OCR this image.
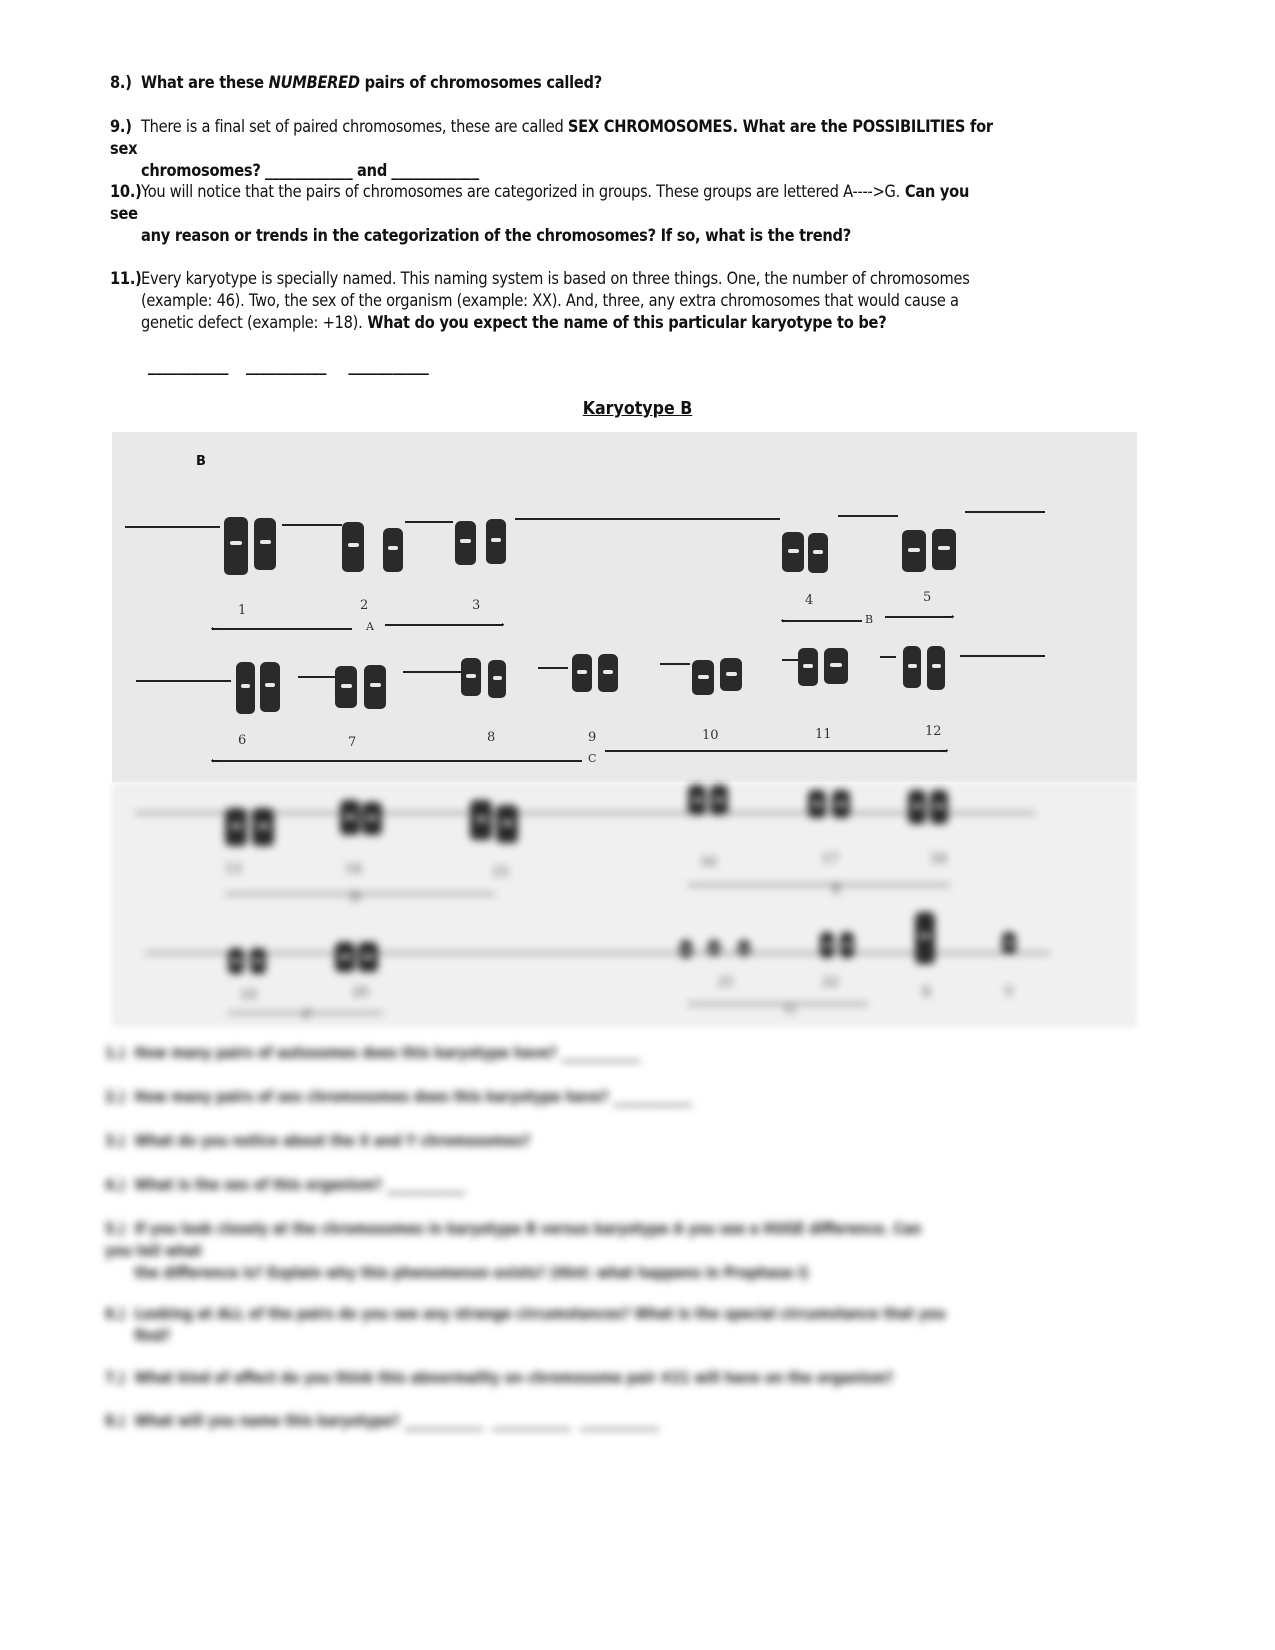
8.) What are these NUMBERED pairs of chromosomes called?
9.) There is a final set of paired chromosomes, these are called SEX CHROMOSOMES. What are the POSSIBILITIES for sex
chromosomes? ____________ and ____________
10.)You will notice that the pairs of chromosomes are categorized in groups. These groups are lettered A---->G. Can you see
any reason or trends in the categorization of the chromosomes? If so, what is the trend?
11.)Every karyotype is specially named. This naming system is based on three things. One, the number of chromosomes
(example: 46). Two, the sex of the organism (example: XX). And, three, any extra chromosomes that would cause a
genetic defect (example: +18). What do you expect the name of this particular karyotype to be?
___________ ___________ ___________
Karyotype B
B
1	2	3	4	5
←
A
→
←
B
→
6	7	8	9	10	11	12
←
C
→
13	14	15
16	17	18
D
E
19	20
21	22
X	Y
F	G
1.) How many pairs of autosomes does this karyotype have? ____________
2.) How many pairs of sex chromosomes does this karyotype have? ____________
3.) What do you notice about the X and Y chromosomes?
4.) What is the sex of this organism? ____________
5.) If you look closely at the chromosomes in karyotype B versus karyotype A you see a HUGE difference. Can you tell what
the difference is? Explain why this phenomenon exists? (Hint: what happens in Prophase I)
6.) Looking at ALL of the pairs do you see any strange circumstances? What is the special circumstance that you
find?
7.) What kind of effect do you think this abnormality on chromosome pair #21 will have on the organism?
8.) What will you name this karyotype? ____________ ____________ ____________
